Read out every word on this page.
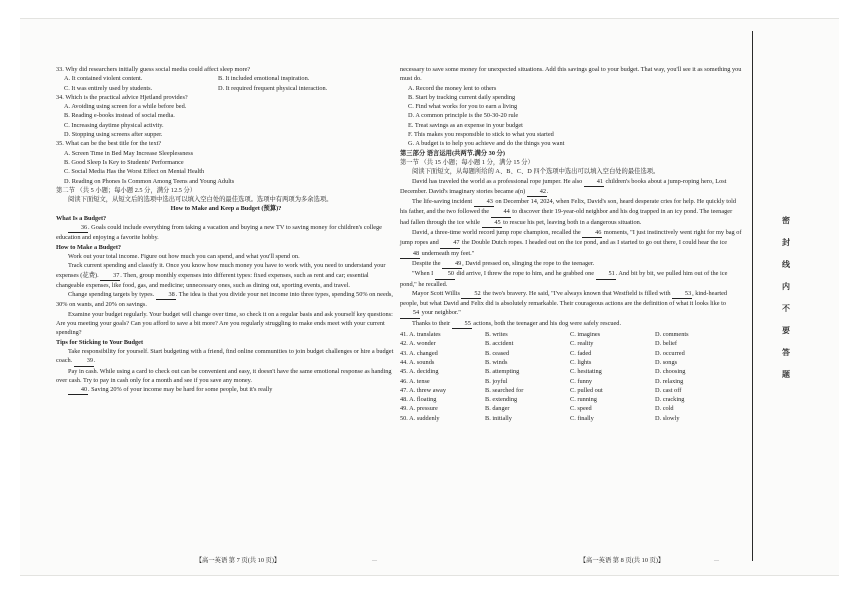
33. Why did researchers initially guess social media could affect sleep more?

A. It contained violent content.	B. It included emotional inspiration.
C. It was entirely used by students.	D. It required frequent physical interaction.

34. Which is the practical advice Hjetland provides?

A. Avoiding using screen for a while before bed.

B. Reading e-books instead of social media.

C. Increasing daytime physical activity.

D. Stopping using screens after supper.

35. What can be the best title for the text?

A. Screen Time in Bed May Increase Sleeplessness

B. Good Sleep Is Key to Students' Performance

C. Social Media Has the Worst Effect on Mental Health

D. Reading on Phones Is Common Among Teens and Young Adults

第二节 （共 5 小题；每小题 2.5 分，满分 12.5 分）

阅读下面短文，从短文后的选项中选出可以填入空白处的最佳选项。选项中有两项为多余选项。

How to Make and Keep a Budget (预算)?

What Is a Budget?

36. Goals could include everything from taking a vacation and buying a new TV to saving money for children's college education and enjoying a favorite hobby.

How to Make a Budget?

Work out your total income. Figure out how much you can spend, and what you'll spend on.

Track current spending and classify it. Once you know how much money you have to work with, you need to understand your expenses (花费). 37. Then, group monthly expenses into different types: fixed expenses, such as rent and car; essential changeable expenses, like food, gas, and medicine; unnecessary ones, such as dining out, sporting events, and travel.

Change spending targets by types. 38. The idea is that you divide your net income into three types, spending 50% on needs, 30% on wants, and 20% on savings.

Examine your budget regularly. Your budget will change over time, so check it on a regular basis and ask yourself key questions: Are you meeting your goals? Can you afford to save a bit more? Are you regularly struggling to make ends meet with your current spending?

Tips for Sticking to Your Budget

Take responsibility for yourself. Start budgeting with a friend, find online communities to join budget challenges or hire a budget coach. 39.

Pay in cash. While using a card to check out can be convenient and easy, it doesn't have the same emotional response as handing over cash. Try to pay in cash only for a month and see if you save any money.

40. Saving 20% of your income may be hard for some people, but it's really

necessary to save some money for unexpected situations. Add this savings goal to your budget. That way, you'll see it as something you must do.

A. Record the money lent to others

B. Start by tracking current daily spending

C. Find what works for you to earn a living

D. A common principle is the 50-30-20 rule

E. Treat savings as an expense in your budget

F. This makes you responsible to stick to what you started

G. A budget is to help you achieve and do the things you want

第三部分 语言运用(共两节,满分 30 分)

第一节 （共 15 小题；每小题 1 分，满分 15 分）

阅读下面短文，从每题所给的 A、B、C、D 四个选项中选出可以填入空白处的最佳选项。

David has traveled the world as a professional rope jumper. He also 41 children's books about a jump-roping hero, Lost December. David's imaginary stories became a(n) 42.

The life-saving incident 43 on December 14, 2024, when Felix, David's son, heard desperate cries for help. He quickly told his father, and the two followed the 44 to discover their 19-year-old neighbor and his dog trapped in an icy pond. The teenager had fallen through the ice while 45 to rescue his pet, leaving both in a dangerous situation.

David, a three-time world record jump rope champion, recalled the 46 moments, "I just instinctively went right for my bag of jump ropes and 47 the Double Dutch ropes. I headed out on the ice pond, and as I started to go out there, I could hear the ice 48 underneath my feet."

Despite the 49, David pressed on, slinging the rope to the teenager.

"When I 50 did arrive, I threw the rope to him, and he grabbed one 51. And bit by bit, we pulled him out of the ice pond," he recalled.

Mayor Scott Willis 52 the two's bravery. He said, "I've always known that Westfield is filled with 53, kind-hearted people, but what David and Felix did is absolutely remarkable. Their courageous actions are the definition of what it looks like to 54 your neighbor."

Thanks to their 55 actions, both the teenager and his dog were safely rescued.

41. A. translates	B. writes	C. imagines	D. comments
42. A. wonder	B. accident	C. reality	D. belief
43. A. changed	B. ceased	C. faded	D. occurred
44. A. sounds	B. winds	C. lights	D. songs
45. A. deciding	B. attempting	C. hesitating	D. choosing
46. A. tense	B. joyful	C. funny	D. relaxing
47. A. threw away	B. searched for	C. pulled out	D. cast off
48. A. floating	B. extending	C. running	D. cracking
49. A. pressure	B. danger	C. speed	D. cold
50. A. suddenly	B. initially	C. finally	D. slowly
【高一英语 第 7 页(共 10 页)】	【高一英语 第 8 页(共 10 页)】
—	—
密
封
线
内
不
要
答
题
